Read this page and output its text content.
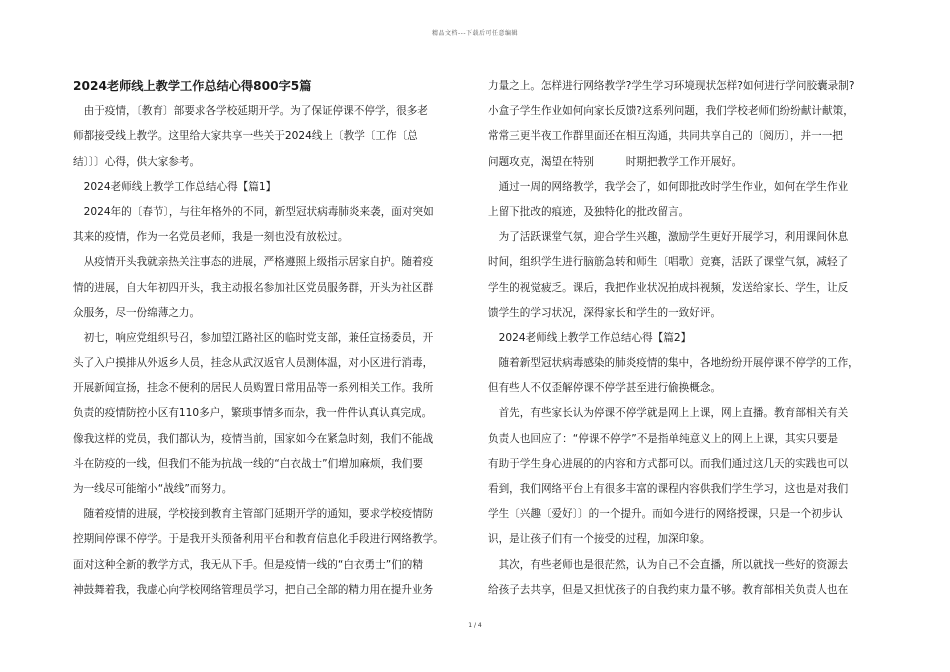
精品文档---下载后可任意编辑
2024老师线上教学工作总结心得800字5篇
　由于疫情，〔教育〕部要求各学校延期开学。为了保证停课不停学，很多老
师都接受线上教学。这里给大家共享一些关于2024线上〔教学〔工作〔总
结〕〕〕心得，供大家参考。
　2024老师线上教学工作总结心得【篇1】
　2024年的〔春节〕，与往年格外的不同，新型冠状病毒肺炎来袭，面对突如
其来的疫情，作为一名党员老师，我是一刻也没有放松过。
　从疫情开头我就亲热关注事态的进展，严格遵照上级指示居家自护。随着疫
情的进展，自大年初四开头，我主动报名参加社区党员服务群，开头为社区群
众服务，尽一份绵薄之力。
　初七，响应党组织号召，参加望江路社区的临时党支部，兼任宣扬委员，开
头了入户摸排从外返乡人员，挂念从武汉返官人员测体温，对小区进行消毒，
开展新闻宣扬，挂念不便利的居民人员购置日常用品等一系列相关工作。我所
负责的疫情防控小区有110多户，繁琐事情多而杂，我一件件认真认真完成。
像我这样的党员，我们都认为，疫情当前，国家如今在紧急时刻，我们不能战
斗在防疫的一线，但我们不能为抗战一线的“白衣战士”们增加麻烦，我们要
为一线尽可能缩小“战线”而努力。
　随着疫情的进展，学校接到教育主管部门延期开学的通知，要求学校疫情防
控期间停课不停学。于是我开头预备利用平台和教育信息化手段进行网络教学。
面对这种全新的教学方式，我无从下手。但是疫情一线的“白衣勇士”们的精
神鼓舞着我，我虚心向学校网络管理员学习，把自己全部的精力用在提升业务
力量之上。怎样进行网络教学?学生学习环境现状怎样?如何进行学问胶囊录制?
小盒子学生作业如何向家长反馈?这系列问题，我们学校老师们纷纷献计献策，
常常三更半夜工作群里面还在相互沟通，共同共享自己的〔阅历〕，并一一把
问题攻克，渴望在特别　　　时期把教学工作开展好。
　通过一周的网络教学，我学会了，如何即批改时学生作业，如何在学生作业
上留下批改的痕迹，及独特化的批改留言。
　为了活跃课堂气氛，迎合学生兴趣，激励学生更好开展学习，利用课间休息
时间，组织学生进行脑筋急转和师生〔唱歌〕竞赛，活跃了课堂气氛，减轻了
学生的视觉疲乏。课后，我把作业状况拍成抖视频，发送给家长、学生，让反
馈学生的学习状况，深得家长和学生的一致好评。
　2024老师线上教学工作总结心得【篇2】
　随着新型冠状病毒感染的肺炎疫情的集中，各地纷纷开展停课不停学的工作，
但有些人不仅歪解停课不停学甚至进行偷换概念。
　首先，有些家长认为停课不停学就是网上上课，网上直播。教育部相关有关
负责人也回应了：“停课不停学”不是指单纯意义上的网上上课，其实只要是
有助于学生身心进展的的内容和方式都可以。而我们通过这几天的实践也可以
看到，我们网络平台上有很多丰富的课程内容供我们学生学习，这也是对我们
学生〔兴趣〔爱好〕〕的一个提升。而如今进行的网络授课，只是一个初步认
识，是让孩子们有一个接受的过程，加深印象。
　其次，有些老师也是很茫然，认为自己不会直播，所以就找一些好的资源去
给孩子去共享，但是又担忧孩子的自我约束力量不够。教育部相关负责人也在
1 / 4
